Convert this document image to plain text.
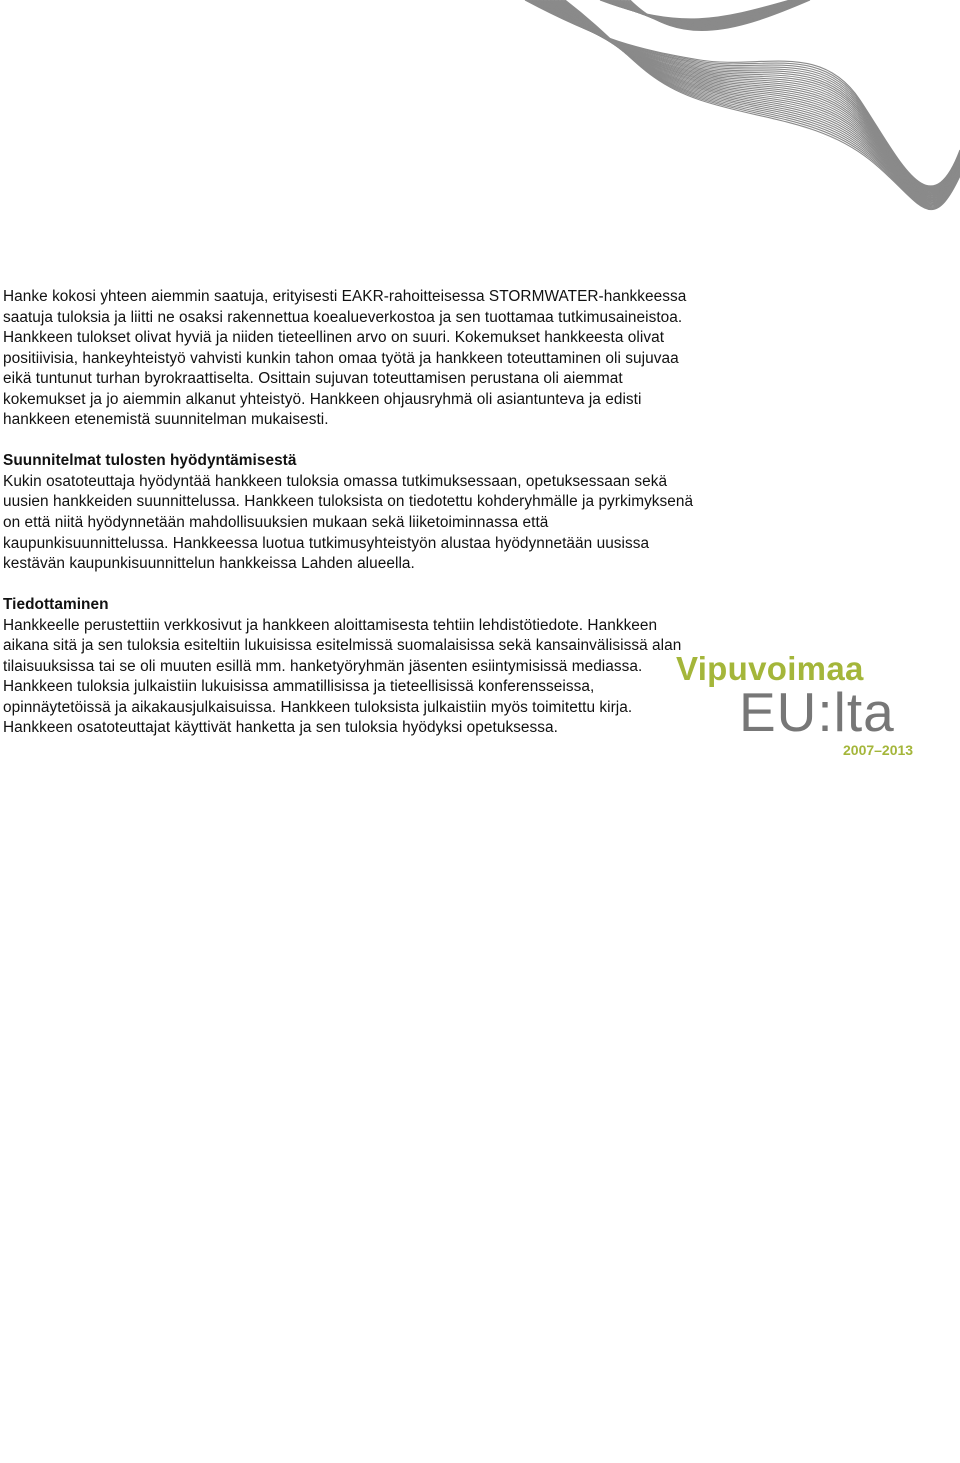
Hanke kokosi yhteen aiemmin saatuja, erityisesti EAKR-rahoitteisessa STORMWATER-hankkeessa saatuja tuloksia ja liitti ne osaksi rakennettua koealueverkostoa ja sen tuottamaa tutkimusaineistoa. Hankkeen tulokset olivat hyviä ja niiden tieteellinen arvo on suuri. Kokemukset hankkeesta olivat positiivisia, hankeyhteistyö vahvisti kunkin tahon omaa työtä ja hankkeen toteuttaminen oli sujuvaa eikä tuntunut turhan byrokraattiselta. Osittain sujuvan toteuttamisen perustana oli aiemmat kokemukset ja jo aiemmin alkanut yhteistyö. Hankkeen ohjausryhmä oli asiantunteva ja edisti hankkeen etenemistä suunnitelman mukaisesti.

Suunnitelmat tulosten hyödyntämisestä

Kukin osatoteuttaja hyödyntää hankkeen tuloksia omassa tutkimuksessaan, opetuksessaan sekä uusien hankkeiden suunnittelussa. Hankkeen tuloksista on tiedotettu kohderyhmälle ja pyrkimyksenä on että niitä hyödynnetään mahdollisuuksien mukaan sekä liiketoiminnassa että kaupunkisuunnittelussa. Hankkeessa luotua tutkimusyhteistyön alustaa hyödynnetään uusissa kestävän kaupunkisuunnittelun hankkeissa Lahden alueella.

Tiedottaminen

Hankkeelle perustettiin verkkosivut ja hankkeen aloittamisesta tehtiin lehdistötiedote. Hankkeen aikana sitä ja sen tuloksia esiteltiin lukuisissa esitelmissä suomalaisissa sekä kansainvälisissä alan tilaisuuksissa tai se oli muuten esillä mm. hanketyöryhmän jäsenten esiintymisissä mediassa. Hankkeen tuloksia julkaistiin lukuisissa ammatillisissa ja tieteellisissä konferensseissa, opinnäytetöissä ja aikakausjulkaisuissa. Hankkeen tuloksista julkaistiin myös toimitettu kirja. Hankkeen osatoteuttajat käyttivät hanketta ja sen tuloksia hyödyksi opetuksessa.

Vipuvoimaa
EU:lta
2007–2013
